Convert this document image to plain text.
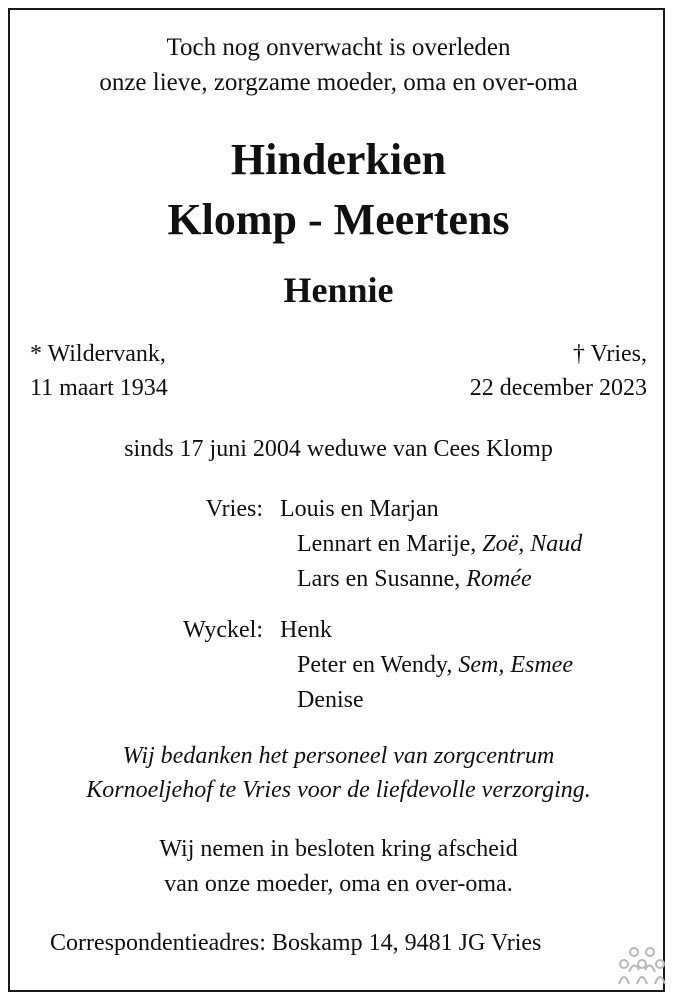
Toch nog onverwacht is overleden
onze lieve, zorgzame moeder, oma en over-oma
Hinderkien
Klomp - Meertens
Hennie
* Wildervank,
11 maart 1934
† Vries,
22 december 2023
sinds 17 juni 2004 weduwe van Cees Klomp
Vries: Louis en Marjan
Lennart en Marije, Zoë, Naud
Lars en Susanne, Romée
Wyckel: Henk
Peter en Wendy, Sem, Esmee
Denise
Wij bedanken het personeel van zorgcentrum
Kornoeljehof te Vries voor de liefdevolle verzorging.
Wij nemen in besloten kring afscheid
van onze moeder, oma en over-oma.
Correspondentieadres: Boskamp 14, 9481 JG Vries
